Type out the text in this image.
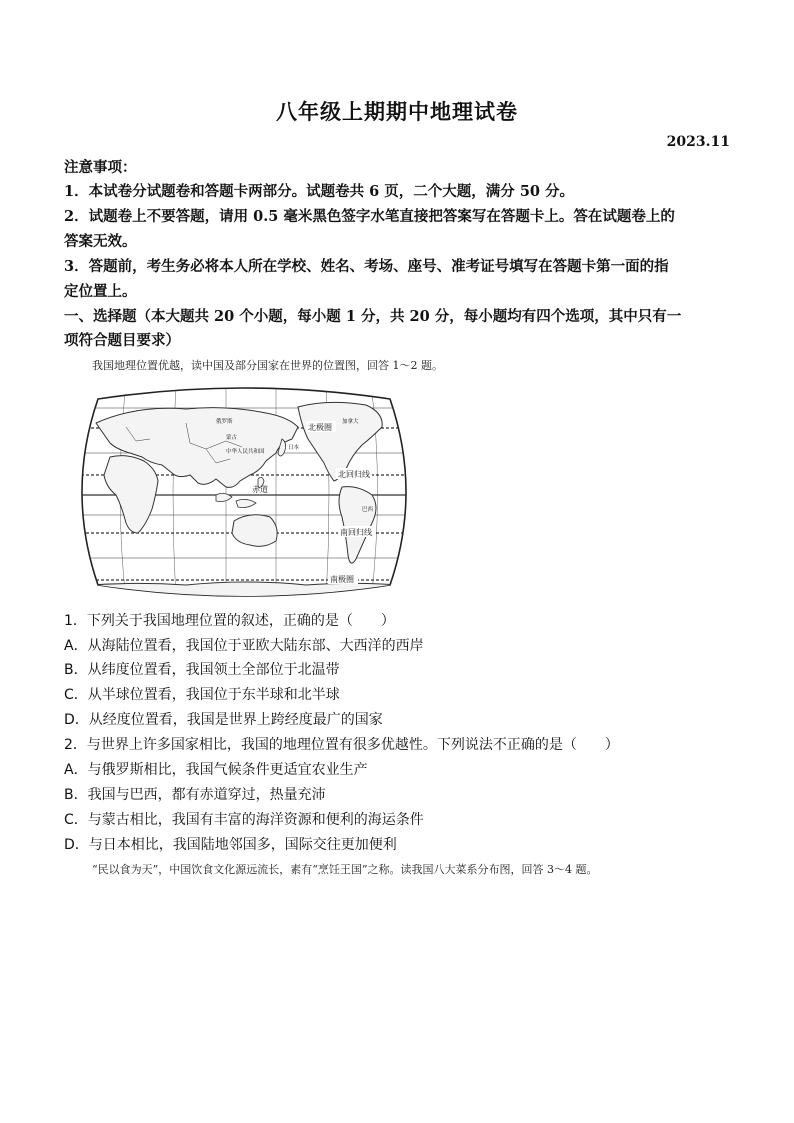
八年级上期期中地理试卷
2023.11
注意事项：
1．本试卷分试题卷和答题卡两部分。试题卷共 6 页，二个大题，满分 50 分。
2．试题卷上不要答题，请用 0.5 毫米黑色签字水笔直接把答案写在答题卡上。答在试题卷上的
答案无效。
3．答题前，考生务必将本人所在学校、姓名、考场、座号、准考证号填写在答题卡第一面的指
定位置上。
一、选择题（本大题共 20 个小题，每小题 1 分，共 20 分，每小题均有四个选项，其中只有一
项符合题目要求）
我国地理位置优越，读中国及部分国家在世界的位置图，回答 1～2 题。
北极圈
北回归线
赤道
南回归线
南极圈
俄罗斯
蒙古
中华人民共和国
日本
加拿大
巴西
1．下列关于我国地理位置的叙述，正确的是（　　）
A．从海陆位置看，我国位于亚欧大陆东部、大西洋的西岸
B．从纬度位置看，我国领土全部位于北温带
C．从半球位置看，我国位于东半球和北半球
D．从经度位置看，我国是世界上跨经度最广的国家
2．与世界上许多国家相比，我国的地理位置有很多优越性。下列说法不正确的是（　　）
A．与俄罗斯相比，我国气候条件更适宜农业生产
B．我国与巴西，都有赤道穿过，热量充沛
C．与蒙古相比，我国有丰富的海洋资源和便利的海运条件
D．与日本相比，我国陆地邻国多，国际交往更加便利
“民以食为天”，中国饮食文化源远流长，素有“烹饪王国”之称。读我国八大菜系分布图，回答 3～4 题。
